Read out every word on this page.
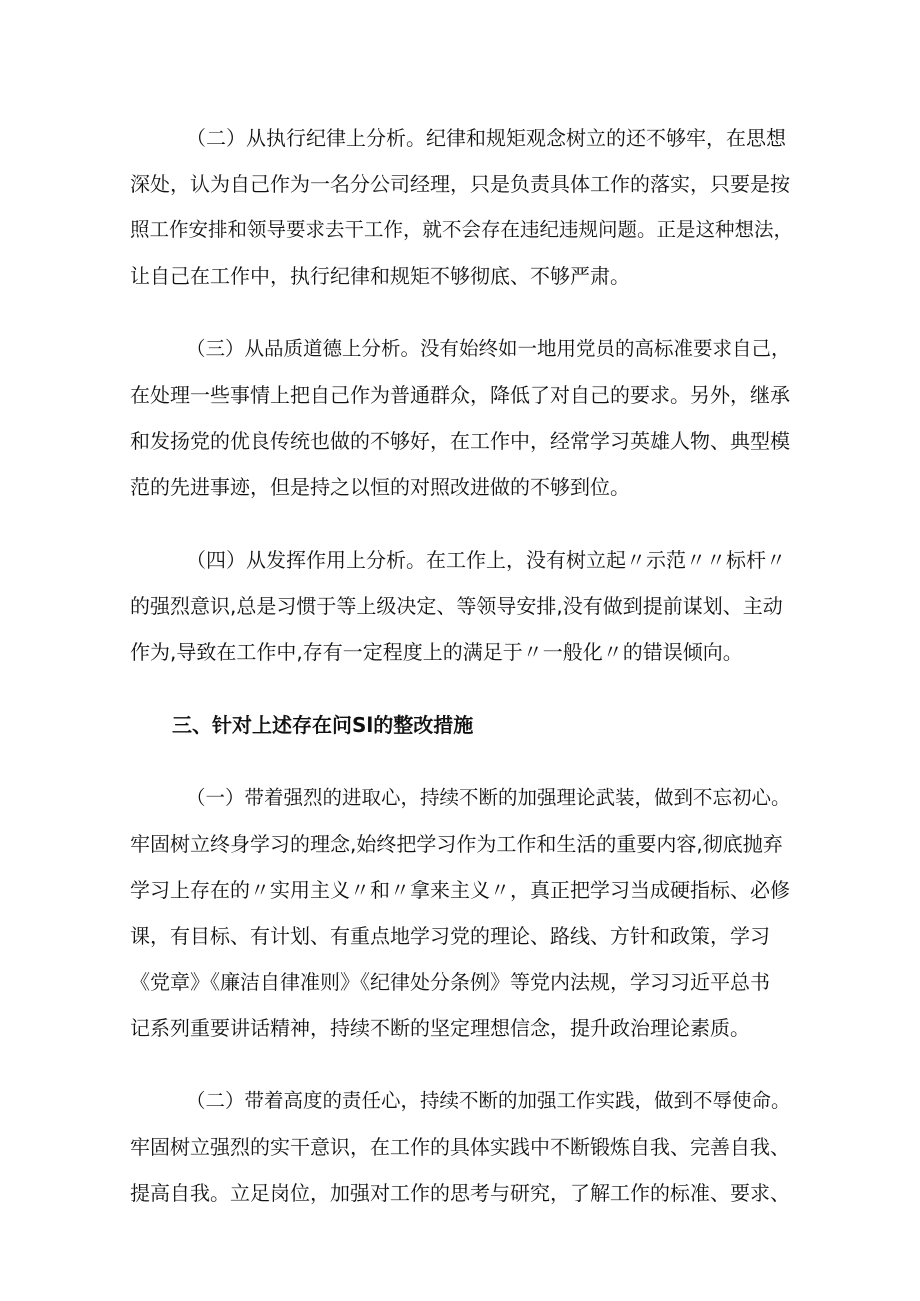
（二）从执行纪律上分析。纪律和规矩观念树立的还不够牢，在思想
深处，认为自己作为一名分公司经理，只是负责具体工作的落实，只要是按
照工作安排和领导要求去干工作，就不会存在违纪违规问题。正是这种想法，
让自己在工作中，执行纪律和规矩不够彻底、不够严肃。
（三）从品质道德上分析。没有始终如一地用党员的高标准要求自己，
在处理一些事情上把自己作为普通群众，降低了对自己的要求。另外，继承
和发扬党的优良传统也做的不够好，在工作中，经常学习英雄人物、典型模
范的先进事迹，但是持之以恒的对照改进做的不够到位。
（四）从发挥作用上分析。在工作上，没有树立起〃示范〃〃标杆〃
的强烈意识,总是习惯于等上级决定、等领导安排,没有做到提前谋划、主动
作为,导致在工作中,存有一定程度上的满足于〃一般化〃的错误倾向。
三、针对上述存在问Sl的整改措施
（一）带着强烈的进取心，持续不断的加强理论武装，做到不忘初心。
牢固树立终身学习的理念,始终把学习作为工作和生活的重要内容,彻底抛弃
学习上存在的〃实用主义〃和〃拿来主义〃，真正把学习当成硬指标、必修
课，有目标、有计划、有重点地学习党的理论、路线、方针和政策，学习
《党章》《廉洁自律准则》《纪律处分条例》等党内法规，学习习近平总书
记系列重要讲话精神，持续不断的坚定理想信念，提升政治理论素质。
（二）带着高度的责任心，持续不断的加强工作实践，做到不辱使命。
牢固树立强烈的实干意识，在工作的具体实践中不断锻炼自我、完善自我、
提高自我。立足岗位，加强对工作的思考与研究，了解工作的标准、要求、
